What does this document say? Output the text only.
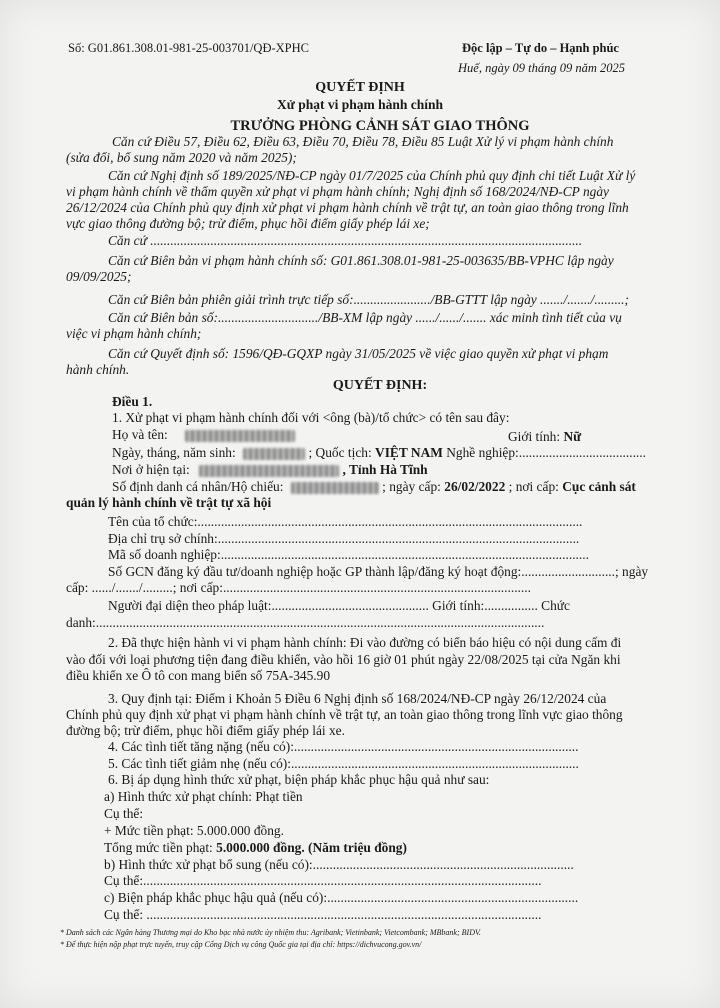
Số: G01.861.308.01-981-25-003701/QĐ-XPHC	Độc lập – Tự do – Hạnh phúc
Huế, ngày 09 tháng 09 năm 2025
QUYẾT ĐỊNH
Xử phạt vi phạm hành chính
TRƯỞNG PHÒNG CẢNH SÁT GIAO THÔNG
Căn cứ Điều 57, Điều 62, Điều 63, Điều 70, Điều 78, Điều 85 Luật Xử lý vi phạm hành chính
(sửa đổi, bổ sung năm 2020 và năm 2025);
Căn cứ Nghị định số 189/2025/NĐ-CP ngày 01/7/2025 của Chính phủ quy định chi tiết Luật Xử lý
vi phạm hành chính về thẩm quyền xử phạt vi phạm hành chính; Nghị định số 168/2024/NĐ-CP ngày
26/12/2024 của Chính phủ quy định xử phạt vi phạm hành chính về trật tự, an toàn giao thông trong lĩnh
vực giao thông đường bộ; trừ điểm, phục hồi điểm giấy phép lái xe;
Căn cứ .................................................................................................................................
Căn cứ Biên bản vi phạm hành chính số: G01.861.308.01-981-25-003635/BB-VPHC lập ngày
09/09/2025;
Căn cứ Biên bản phiên giải trình trực tiếp số:......................./BB-GTTT lập ngày ......./......./.........;
Căn cứ Biên bản số:............................../BB-XM lập ngày ....../....../....... xác minh tình tiết của vụ
việc vi phạm hành chính;
Căn cứ Quyết định số: 1596/QĐ-GQXP ngày 31/05/2025 về việc giao quyền xử phạt vi phạm
hành chính.
QUYẾT ĐỊNH:
Điều 1.
1. Xử phạt vi phạm hành chính đối với <ông (bà)/tổ chức> có tên sau đây:
Họ và tên:	Giới tính: Nữ
Ngày, tháng, năm sinh:	; Quốc tịch: VIỆT NAM Nghề nghiệp:......................................
Nơi ở hiện tại:	, Tỉnh Hà Tĩnh
Số định danh cá nhân/Hộ chiếu:	; ngày cấp: 26/02/2022 ; nơi cấp: Cục cảnh sát
quản lý hành chính về trật tự xã hội
Tên của tổ chức:...................................................................................................................
Địa chỉ trụ sở chính:............................................................................................................
Mã số doanh nghiệp:..............................................................................................................
Số GCN đăng ký đầu tư/doanh nghiệp hoặc GP thành lập/đăng ký hoạt động:............................; ngày
cấp: ....../......./.........; nơi cấp:............................................................................................
Người đại diện theo pháp luật:............................................... Giới tính:................ Chức
danh:......................................................................................................................................
2. Đã thực hiện hành vi vi phạm hành chính: Đi vào đường có biển báo hiệu có nội dung cấm đi
vào đối với loại phương tiện đang điều khiển, vào hồi 16 giờ 01 phút ngày 22/08/2025 tại cửa Ngăn khi
điều khiển xe Ô tô con mang biển số 75A-345.90
3. Quy định tại: Điểm i Khoản 5 Điều 6 Nghị định số 168/2024/NĐ-CP ngày 26/12/2024 của
Chính phủ quy định xử phạt vi phạm hành chính về trật tự, an toàn giao thông trong lĩnh vực giao thông
đường bộ; trừ điểm, phục hồi điểm giấy phép lái xe.
4. Các tình tiết tăng nặng (nếu có):.....................................................................................
5. Các tình tiết giảm nhẹ (nếu có):......................................................................................
6. Bị áp dụng hình thức xử phạt, biện pháp khắc phục hậu quả như sau:
a) Hình thức xử phạt chính: Phạt tiền
Cụ thể:
+ Mức tiền phạt: 5.000.000 đồng.
Tổng mức tiền phạt: 5.000.000 đồng. (Năm triệu đồng)
b) Hình thức xử phạt bổ sung (nếu có):..............................................................................
Cụ thể:.......................................................................................................................
c) Biện pháp khắc phục hậu quả (nếu có):...........................................................................
Cụ thể: ......................................................................................................................
* Danh sách các Ngân hàng Thương mại do Kho bạc nhà nước ủy nhiệm thu: Agribank; Vietinbank; Vietcombank; MBbank; BIDV.
* Để thực hiện nộp phạt trực tuyến, truy cập Cổng Dịch vụ công Quốc gia tại địa chỉ: https://dichvucong.gov.vn/
